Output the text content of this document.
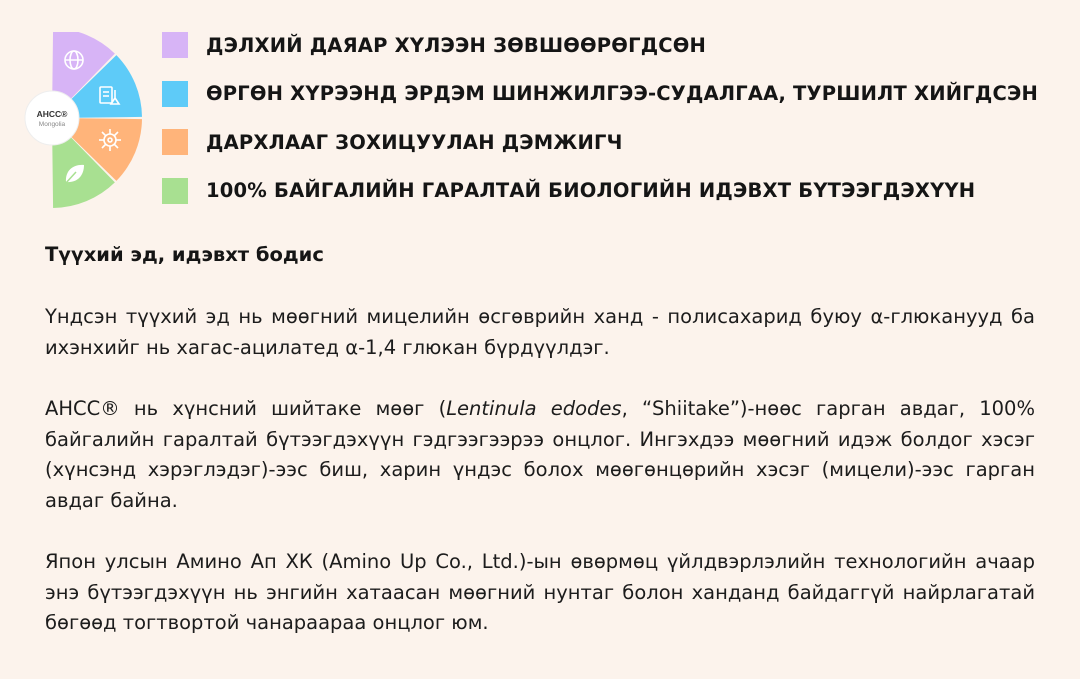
AHCC®
Mongolia
ДЭЛХИЙ ДАЯАР ХҮЛЭЭН ЗӨВШӨӨРӨГДСӨН
ӨРГӨН ХҮРЭЭНД ЭРДЭМ ШИНЖИЛГЭЭ-СУДАЛГАА, ТУРШИЛТ ХИЙГДСЭН
ДАРХЛААГ ЗОХИЦУУЛАН ДЭМЖИГЧ
100% БАЙГАЛИЙН ГАРАЛТАЙ БИОЛОГИЙН ИДЭВХТ БҮТЭЭГДЭХҮҮН
Түүхий эд, идэвхт бодис

Үндсэн түүхий эд нь мөөгний мицелийн өсгөврийн ханд - полисахарид буюу α-глюканууд ба ихэнхийг нь хагас-ацилатед α-1,4 глюкан бүрдүүлдэг.

AHCC® нь хүнсний шийтаке мөөг (Lentinula edodes, “Shiitake”)-нөөс гарган авдаг, 100% байгалийн гаралтай бүтээгдэхүүн гэдгээгээрээ онцлог. Ингэхдээ мөөгний идэж болдог хэсэг (хүнсэнд хэрэглэдэг)-ээс биш, харин үндэс болох мөөгөнцөрийн хэсэг (мицели)-ээс гарган авдаг байна.

Япон улсын Амино Ап ХК (Amino Up Co., Ltd.)-ын өвөрмөц үйлдвэрлэлийн технологийн ачаар энэ бүтээгдэхүүн нь энгийн хатаасан мөөгний нунтаг болон ханданд байдаггүй найрлагатай бөгөөд тогтвортой чанараараа онцлог юм.
